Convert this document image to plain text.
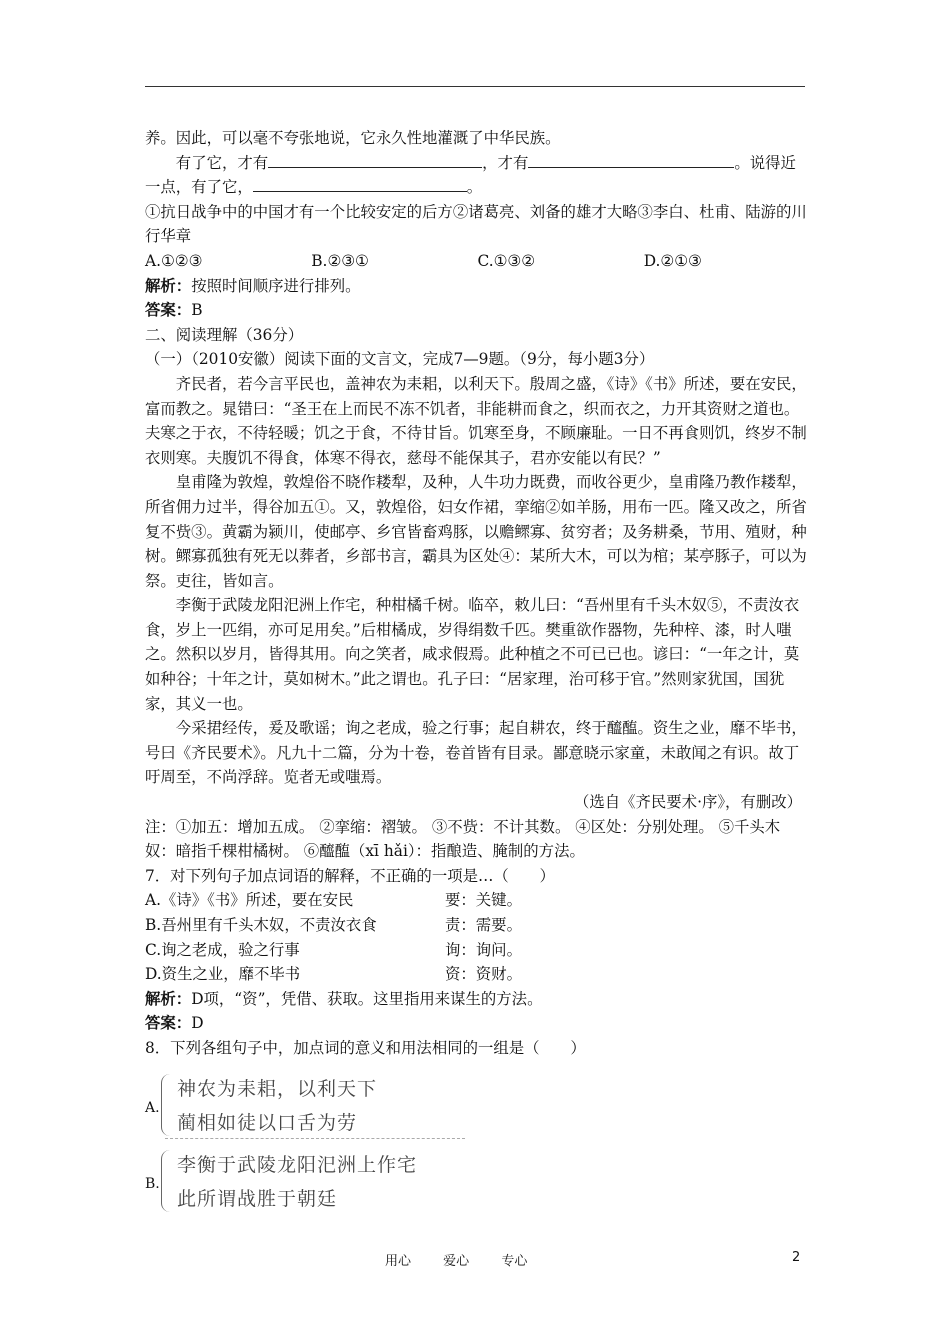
养。因此，可以毫不夸张地说，它永久性地灌溉了中华民族。

有了它，才有	，才有	。说得近

一点，有了它，	。

①抗日战争中的中国才有一个比较安定的后方②诸葛亮、刘备的雄才大略③李白、杜甫、陆游的川行华章

A.①②③	B.②③①	C.①③②	D.②①③

解析：按照时间顺序进行排列。

答案：B

二、阅读理解（36分）

（一）（2010安徽）阅读下面的文言文，完成7—9题。（9分，每小题3分）

齐民者，若今言平民也，盖神农为耒耜，以利天下。殷周之盛，《诗》《书》所述，要在安民，富而教之。晁错曰：“圣王在上而民不冻不饥者，非能耕而食之，织而衣之，力开其资财之道也。夫寒之于衣，不待轻暖；饥之于食，不待甘旨。饥寒至身，不顾廉耻。一日不再食则饥，终岁不制衣则寒。夫腹饥不得食，体寒不得衣，慈母不能保其子，君亦安能以有民？”

皇甫隆为敦煌，敦煌俗不晓作耧犁，及种，人牛功力既费，而收谷更少，皇甫隆乃教作耧犁，所省佣力过半，得谷加五①。又，敦煌俗，妇女作裙，挛缩②如羊肠，用布一匹。隆又改之，所省复不赀③。黄霸为颍川，使邮亭、乡官皆畜鸡豚，以赡鳏寡、贫穷者；及务耕桑，节用、殖财，种树。鳏寡孤独有死无以葬者，乡部书言，霸具为区处④：某所大木，可以为棺；某亭豚子，可以为祭。吏往，皆如言。

李衡于武陵龙阳汜洲上作宅，种柑橘千树。临卒，敕儿曰：“吾州里有千头木奴⑤，不责汝衣食，岁上一匹绢，亦可足用矣。”后柑橘成，岁得绢数千匹。樊重欲作器物，先种梓、漆，时人嗤之。然积以岁月，皆得其用。向之笑者，咸求假焉。此种植之不可已已也。谚曰：“一年之计，莫如种谷；十年之计，莫如树木。”此之谓也。孔子曰：“居家理，治可移于官。”然则家犹国，国犹家，其义一也。

今采捃经传，爰及歌谣；询之老成，验之行事；起自耕农，终于醯醢。资生之业，靡不毕书，号曰《齐民要术》。凡九十二篇，分为十卷，卷首皆有目录。鄙意晓示家童，未敢闻之有识。故丁吁周至，不尚浮辞。览者无或嗤焉。

（选自《齐民要术·序》，有删改）

注：①加五：增加五成。 ②挛缩：褶皱。 ③不赀：不计其数。 ④区处：分别处理。 ⑤千头木奴：暗指千棵柑橘树。 ⑥醯醢（xī hǎi）：指酿造、腌制的方法。

7．对下列句子加点词语的解释，不正确的一项是…（　　）

A.《诗》《书》所述，要在安民	要：关键。
B.吾州里有千头木奴，不责汝衣食	责：需要。
C.询之老成，验之行事	询：询问。
D.资生之业，靡不毕书	资：资财。

解析：D项，“资”，凭借、获取。这里指用来谋生的方法。

答案：D

8．下列各组句子中，加点词的意义和用法相同的一组是（　　）

A.
神农为耒耜，以利天下
蔺相如徒以口舌为劳
B.
李衡于武陵龙阳汜洲上作宅
此所谓战胜于朝廷
用心 爱心 专心	2
